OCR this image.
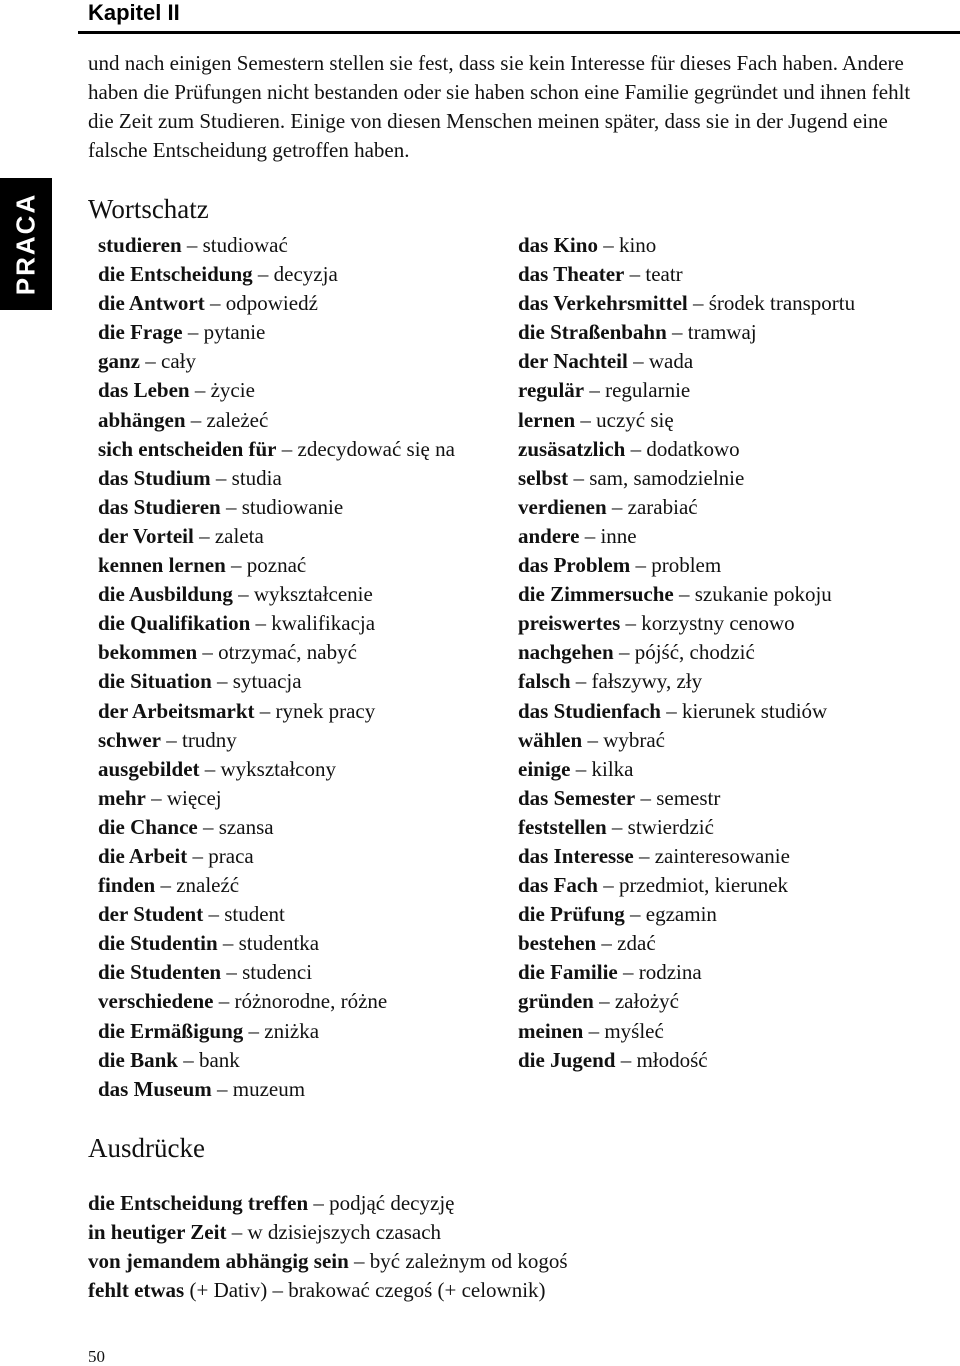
Kapitel II
PRACA

und nach einigen Semestern stellen sie fest, dass sie kein Interesse für dieses Fach haben. Andere haben die Prüfungen nicht bestanden oder sie haben schon eine Familie gegründet und ihnen fehlt die Zeit zum Studieren. Einige von diesen Menschen meinen später, dass sie in der Jugend eine falsche Entscheidung getroffen haben.

Wortschatz
studieren – studiować
die Entscheidung – decyzja
die Antwort – odpowiedź
die Frage – pytanie
ganz – cały
das Leben – życie
abhängen – zależeć
sich entscheiden für – zdecydować się na
das Studium – studia
das Studieren – studiowanie
der Vorteil – zaleta
kennen lernen – poznać
die Ausbildung – wykształcenie
die Qualifikation – kwalifikacja
bekommen – otrzymać, nabyć
die Situation – sytuacja
der Arbeitsmarkt – rynek pracy
schwer – trudny
ausgebildet – wykształcony
mehr – więcej
die Chance – szansa
die Arbeit – praca
finden – znaleźć
der Student – student
die Studentin – studentka
die Studenten – studenci
verschiedene – różnorodne, różne
die Ermäßigung – zniżka
die Bank – bank
das Museum – muzeum
das Kino – kino
das Theater – teatr
das Verkehrsmittel – środek transportu
die Straßenbahn – tramwaj
der Nachteil – wada
regulär – regularnie
lernen – uczyć się
zusäsatzlich – dodatkowo
selbst – sam, samodzielnie
verdienen – zarabiać
andere – inne
das Problem – problem
die Zimmersuche – szukanie pokoju
preiswertes – korzystny cenowo
nachgehen – pójść, chodzić
falsch – fałszywy, zły
das Studienfach – kierunek studiów
wählen – wybrać
einige – kilka
das Semester – semestr
feststellen – stwierdzić
das Interesse – zainteresowanie
das Fach – przedmiot, kierunek
die Prüfung – egzamin
bestehen – zdać
die Familie – rodzina
gründen – założyć
meinen – myśleć
die Jugend – młodość
Ausdrücke
die Entscheidung treffen – podjąć decyzję
in heutiger Zeit – w dzisiejszych czasach
von jemandem abhängig sein – być zależnym od kogoś
fehlt etwas (+ Dativ) – brakować czegoś (+ celownik)
50
